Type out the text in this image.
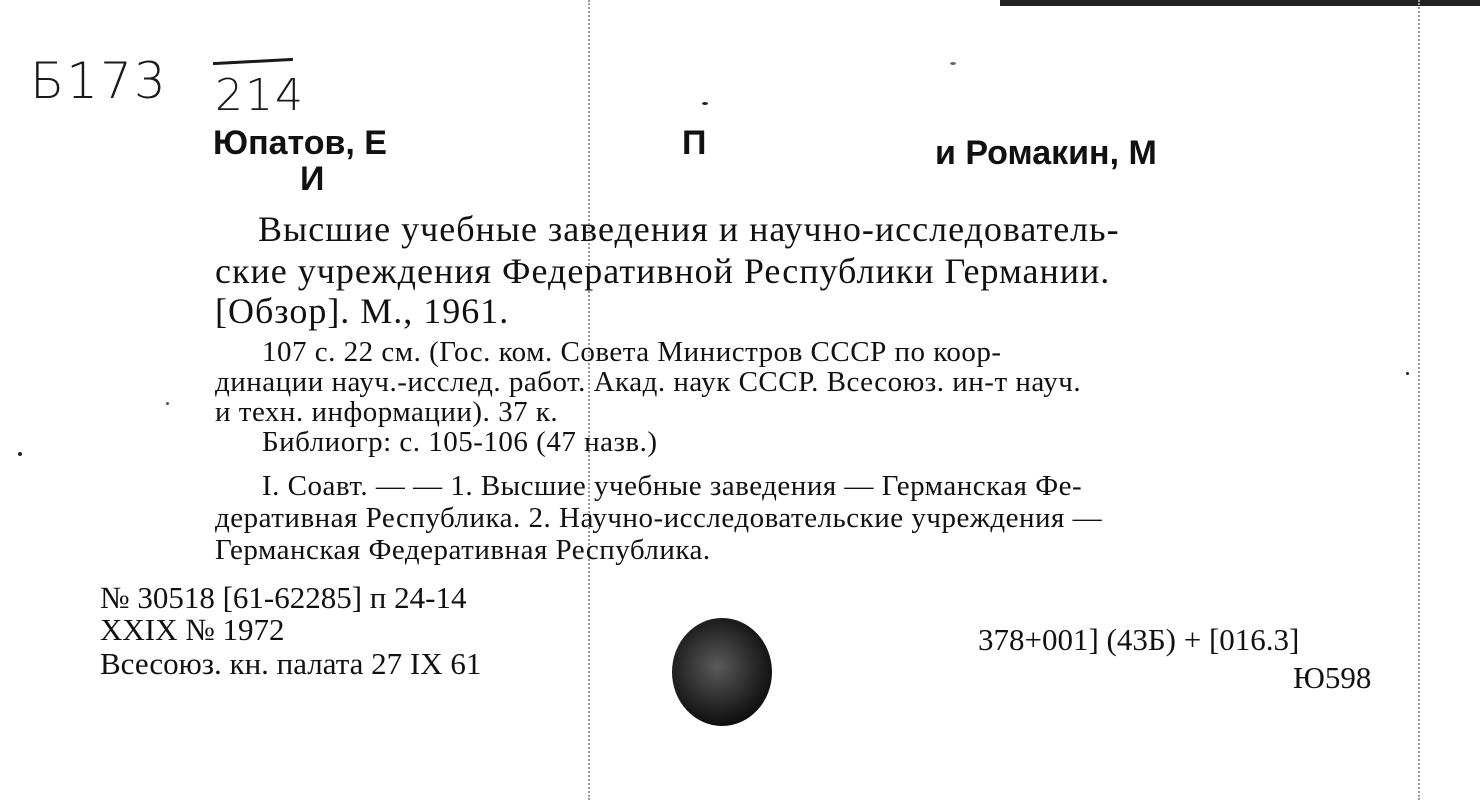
Б173 214
Юпатов, Е
И
П	и Ромакин, М
Высшие учебные заведения и научно-исследователь-
ские учреждения Федеративной Республики Германии.
[Обзор]. М., 1961.
107 с. 22 см. (Гос. ком. Совета Министров СССР по коор-
динации науч.-исслед. работ. Акад. наук СССР. Всесоюз. ин-т науч.
и техн. информации). 37 к.
Библиогр: с. 105-106 (47 назв.)
I. Соавт. — — 1. Высшие учебные заведения — Германская Фе-
деративная Республика. 2. Научно-исследовательские учреждения —
Германская Федеративная Республика.
№ 30518 [61-62285] п 24-14
XXIX № 1972
Всесоюз. кн. палата 27 IX 61
378+001] (43Б) + [016.3]
Ю598
